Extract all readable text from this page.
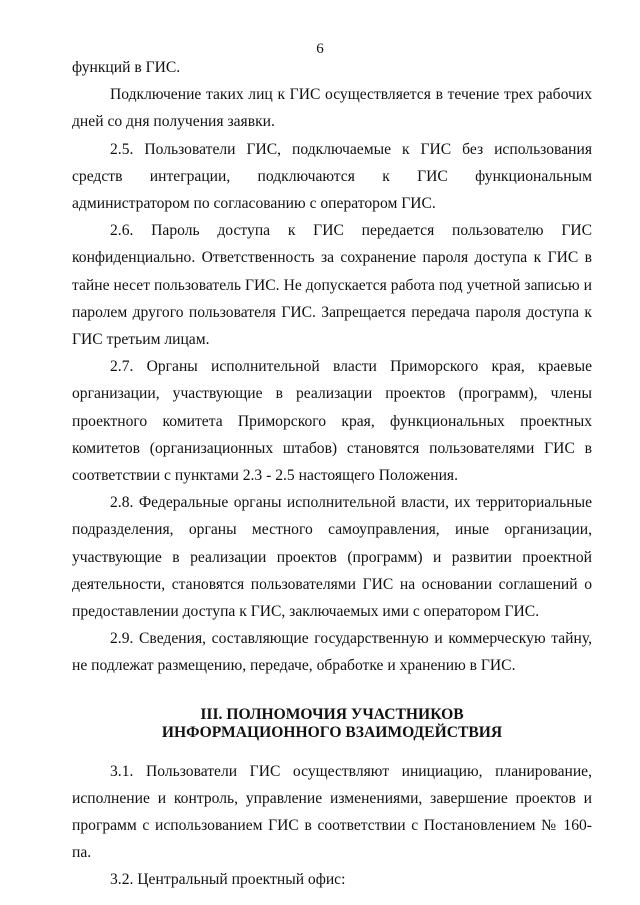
6

функций в ГИС.

Подключение таких лиц к ГИС осуществляется в течение трех рабочих дней со дня получения заявки.

2.5. Пользователи ГИС, подключаемые к ГИС без использования средств интеграции, подключаются к ГИС функциональным администратором по согласованию с оператором ГИС.

2.6. Пароль доступа к ГИС передается пользователю ГИС конфиденциально. Ответственность за сохранение пароля доступа к ГИС в тайне несет пользователь ГИС. Не допускается работа под учетной записью и паролем другого пользователя ГИС. Запрещается передача пароля доступа к ГИС третьим лицам.

2.7. Органы исполнительной власти Приморского края, краевые организации, участвующие в реализации проектов (программ), члены проектного комитета Приморского края, функциональных проектных комитетов (организационных штабов) становятся пользователями ГИС в соответствии с пунктами 2.3 - 2.5 настоящего Положения.

2.8. Федеральные органы исполнительной власти, их территориальные подразделения, органы местного самоуправления, иные организации, участвующие в реализации проектов (программ) и развитии проектной деятельности, становятся пользователями ГИС на основании соглашений о предоставлении доступа к ГИС, заключаемых ими с оператором ГИС.

2.9. Сведения, составляющие государственную и коммерческую тайну, не подлежат размещению, передаче, обработке и хранению в ГИС.

III. ПОЛНОМОЧИЯ УЧАСТНИКОВ
ИНФОРМАЦИОННОГО ВЗАИМОДЕЙСТВИЯ

3.1. Пользователи ГИС осуществляют инициацию, планирование, исполнение и контроль, управление изменениями, завершение проектов и программ с использованием ГИС в соответствии с Постановлением № 160-па.

3.2. Центральный проектный офис:
